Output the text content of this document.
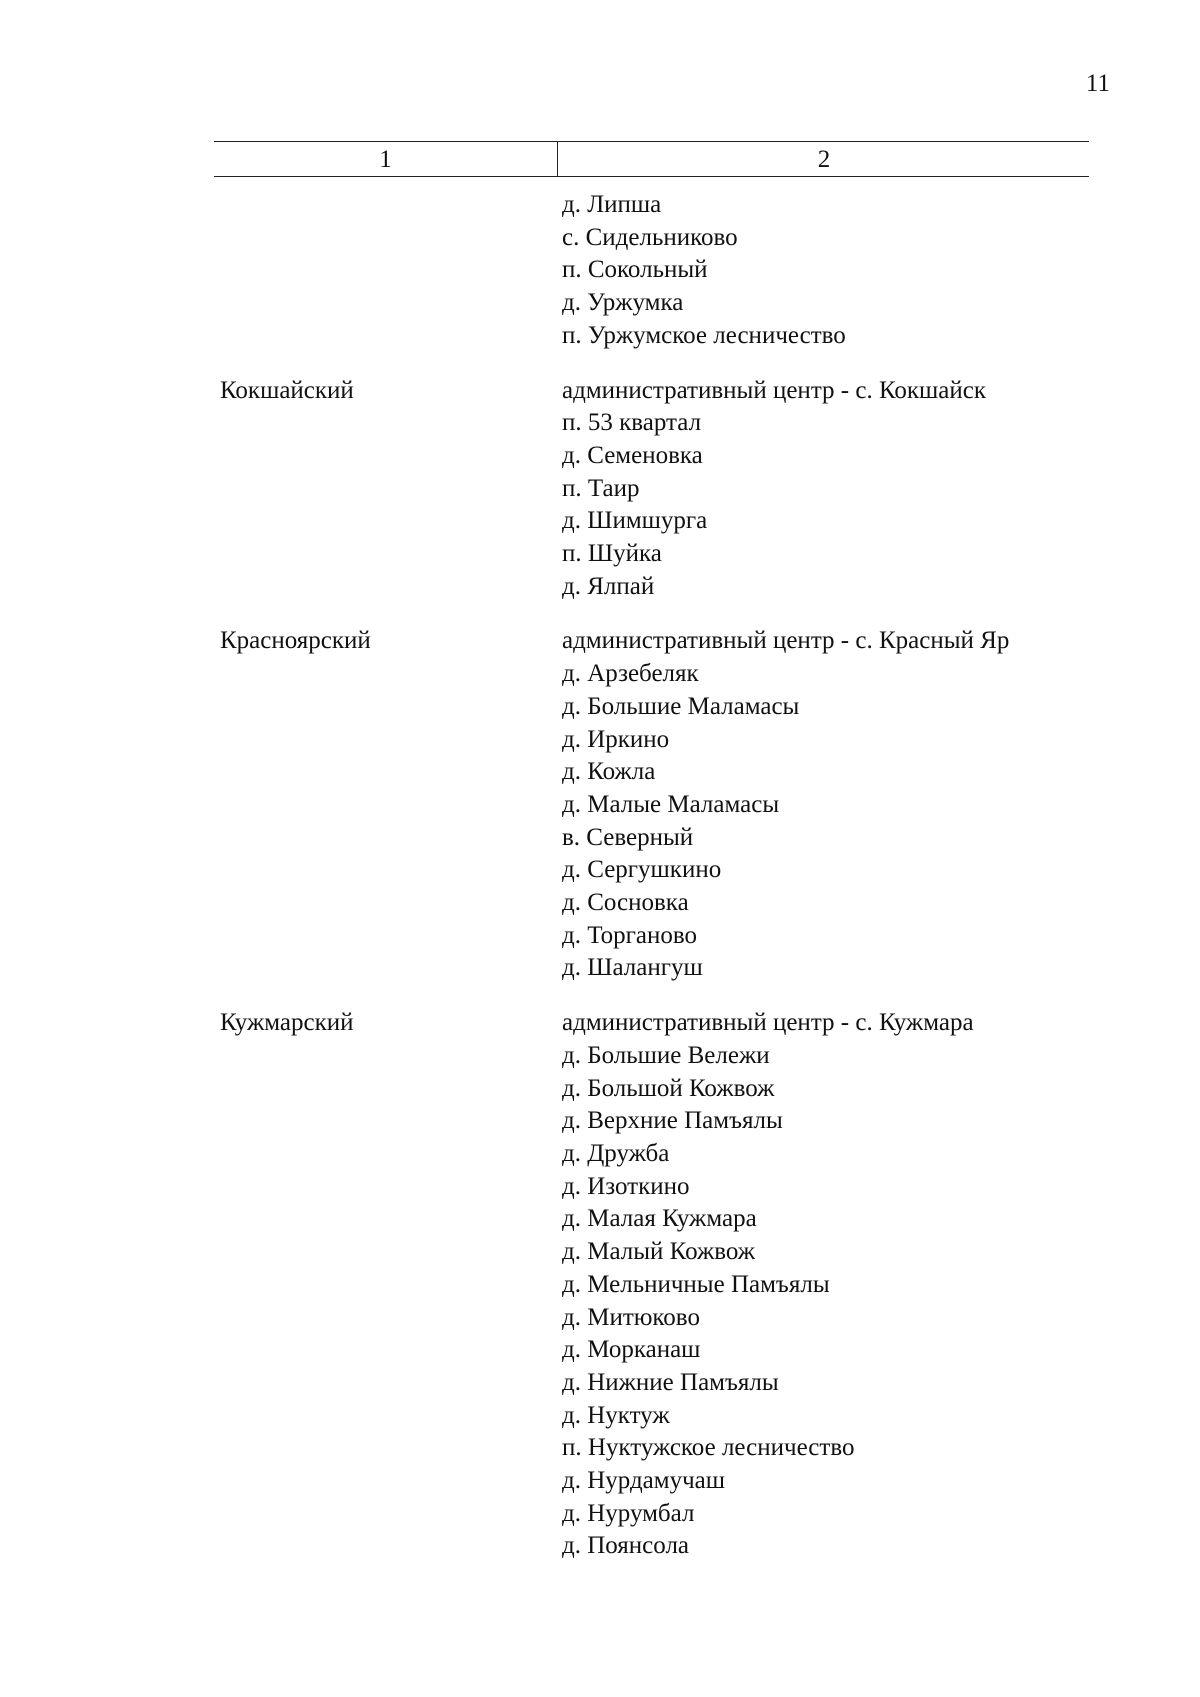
11
1	2
д. Липша
с. Сидельниково
п. Сокольный
д. Уржумка
п. Уржумское лесничество
Кокшайский	административный центр - с. Кокшайск
п. 53 квартал
д. Семеновка
п. Таир
д. Шимшурга
п. Шуйка
д. Ялпай
Красноярский	административный центр - с. Красный Яр
д. Арзебеляк
д. Большие Маламасы
д. Иркино
д. Кожла
д. Малые Маламасы
в. Северный
д. Сергушкино
д. Сосновка
д. Торганово
д. Шалангуш
Кужмарский	административный центр - с. Кужмара
д. Большие Вележи
д. Большой Кожвож
д. Верхние Памъялы
д. Дружба
д. Изоткино
д. Малая Кужмара
д. Малый Кожвож
д. Мельничные Памъялы
д. Митюково
д. Морканаш
д. Нижние Памъялы
д. Нуктуж
п. Нуктужское лесничество
д. Нурдамучаш
д. Нурумбал
д. Поянсола
